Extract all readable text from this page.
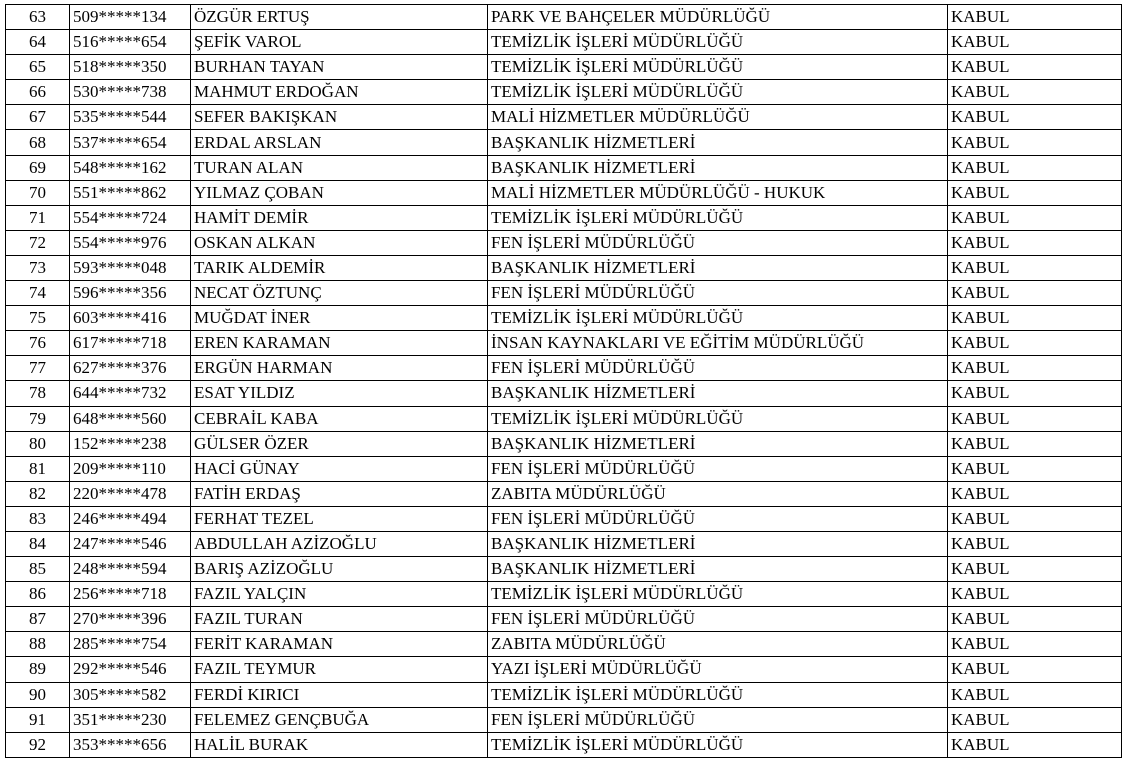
63	509*****134	ÖZGÜR ERTUŞ	PARK VE BAHÇELER MÜDÜRLÜĞÜ	KABUL
64	516*****654	ŞEFİK VAROL	TEMİZLİK İŞLERİ MÜDÜRLÜĞÜ	KABUL
65	518*****350	BURHAN TAYAN	TEMİZLİK İŞLERİ MÜDÜRLÜĞÜ	KABUL
66	530*****738	MAHMUT ERDOĞAN	TEMİZLİK İŞLERİ MÜDÜRLÜĞÜ	KABUL
67	535*****544	SEFER BAKIŞKAN	MALİ HİZMETLER MÜDÜRLÜĞÜ	KABUL
68	537*****654	ERDAL ARSLAN	BAŞKANLIK HİZMETLERİ	KABUL
69	548*****162	TURAN ALAN	BAŞKANLIK HİZMETLERİ	KABUL
70	551*****862	YILMAZ ÇOBAN	MALİ HİZMETLER MÜDÜRLÜĞÜ - HUKUK	KABUL
71	554*****724	HAMİT DEMİR	TEMİZLİK İŞLERİ MÜDÜRLÜĞÜ	KABUL
72	554*****976	OSKAN ALKAN	FEN İŞLERİ MÜDÜRLÜĞÜ	KABUL
73	593*****048	TARIK ALDEMİR	BAŞKANLIK HİZMETLERİ	KABUL
74	596*****356	NECAT ÖZTUNÇ	FEN İŞLERİ MÜDÜRLÜĞÜ	KABUL
75	603*****416	MUĞDAT İNER	TEMİZLİK İŞLERİ MÜDÜRLÜĞÜ	KABUL
76	617*****718	EREN KARAMAN	İNSAN KAYNAKLARI VE EĞİTİM MÜDÜRLÜĞÜ	KABUL
77	627*****376	ERGÜN HARMAN	FEN İŞLERİ MÜDÜRLÜĞÜ	KABUL
78	644*****732	ESAT YILDIZ	BAŞKANLIK HİZMETLERİ	KABUL
79	648*****560	CEBRAİL KABA	TEMİZLİK İŞLERİ MÜDÜRLÜĞÜ	KABUL
80	152*****238	GÜLSER ÖZER	BAŞKANLIK HİZMETLERİ	KABUL
81	209*****110	HACİ GÜNAY	FEN İŞLERİ MÜDÜRLÜĞÜ	KABUL
82	220*****478	FATİH ERDAŞ	ZABITA MÜDÜRLÜĞÜ	KABUL
83	246*****494	FERHAT TEZEL	FEN İŞLERİ MÜDÜRLÜĞÜ	KABUL
84	247*****546	ABDULLAH AZİZOĞLU	BAŞKANLIK HİZMETLERİ	KABUL
85	248*****594	BARIŞ AZİZOĞLU	BAŞKANLIK HİZMETLERİ	KABUL
86	256*****718	FAZIL YALÇIN	TEMİZLİK İŞLERİ MÜDÜRLÜĞÜ	KABUL
87	270*****396	FAZIL TURAN	FEN İŞLERİ MÜDÜRLÜĞÜ	KABUL
88	285*****754	FERİT KARAMAN	ZABITA MÜDÜRLÜĞÜ	KABUL
89	292*****546	FAZIL TEYMUR	YAZI İŞLERİ MÜDÜRLÜĞÜ	KABUL
90	305*****582	FERDİ KIRICI	TEMİZLİK İŞLERİ MÜDÜRLÜĞÜ	KABUL
91	351*****230	FELEMEZ GENÇBUĞA	FEN İŞLERİ MÜDÜRLÜĞÜ	KABUL
92	353*****656	HALİL BURAK	TEMİZLİK İŞLERİ MÜDÜRLÜĞÜ	KABUL
